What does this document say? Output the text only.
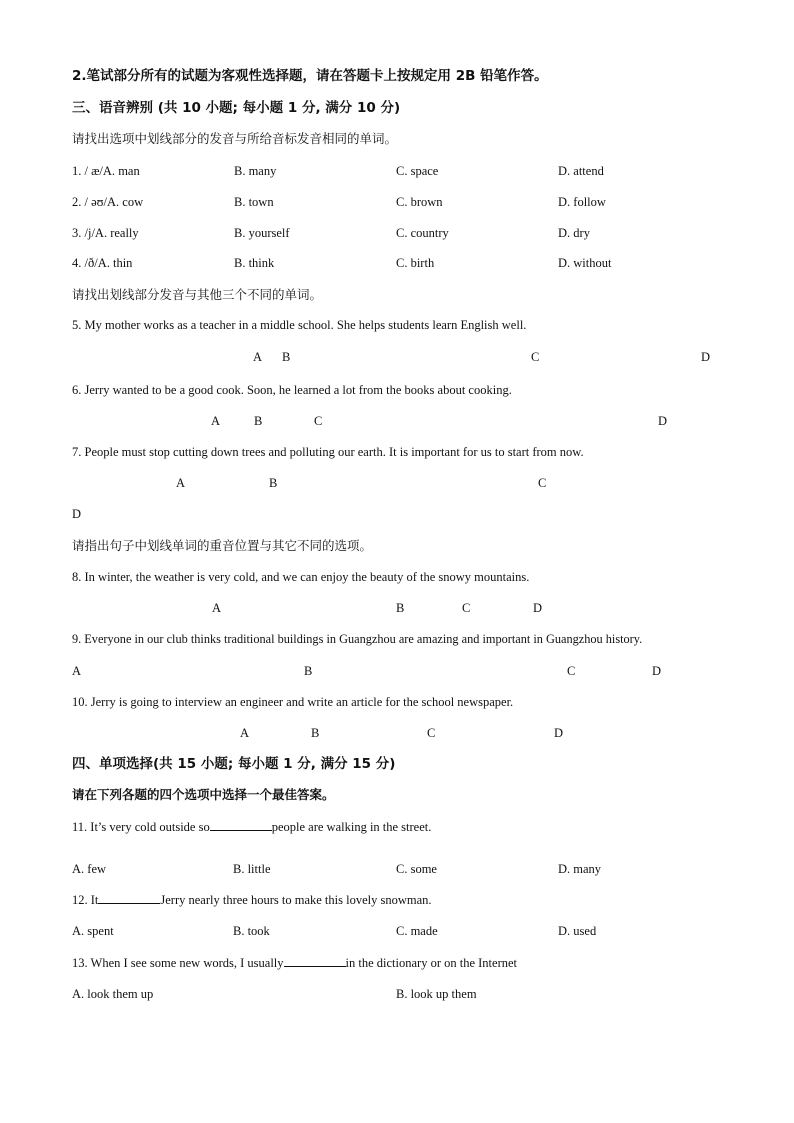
2.笔试部分所有的试题为客观性选择题，请在答题卡上按规定用 2B 铅笔作答。
三、语音辨别 (共 10 小题; 每小题 1 分, 满分 10 分)
请找出选项中划线部分的发音与所给音标发音相同的单词。
1. / æ/A. man	B. many	C. space	D. attend
2. / əʊ/A. cow	B. town	C. brown	D. follow
3. /j/A. really	B. yourself	C. country	D. dry
4. /ð/A. thin	B. think	C. birth	D. without
请找出划线部分发音与其他三个不同的单词。
5. My mother works as a teacher in a middle school. She helps students learn English well.
A B	C	D
6. Jerry wanted to be a good cook. Soon, he learned a lot from the books about cooking.
A	B	C	D
7. People must stop cutting down trees and polluting our earth. It is important for us to start from now.
A	B	C
D
请指出句子中划线单词的重音位置与其它不同的选项。
8. In winter, the weather is very cold, and we can enjoy the beauty of the snowy mountains.
A	B	C	D
9. Everyone in our club thinks traditional buildings in Guangzhou are amazing and important in Guangzhou history.
A	B	C	D
10. Jerry is going to interview an engineer and write an article for the school newspaper.
A	B	C	D
四、单项选择(共 15 小题; 每小题 1 分, 满分 15 分)
请在下列各题的四个选项中选择一个最佳答案。
11. It’s very cold outside so	people are walking in the street.
A. few	B. little	C. some	D. many
12. It	Jerry nearly three hours to make this lovely snowman.
A. spent	B. took	C. made	D. used
13. When I see some new words, I usually	in the dictionary or on the Internet
A. look them up	B. look up them
